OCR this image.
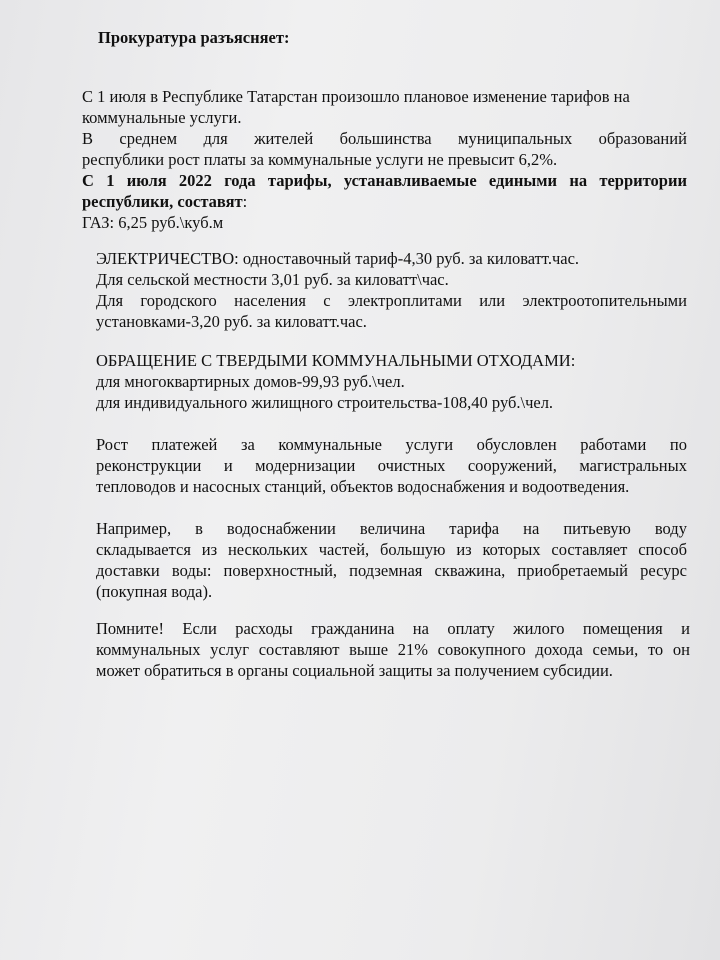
Прокуратура разъясняет:
С 1 июля в Республике Татарстан произошло плановое изменение тарифов на
коммунальные услуги.
В среднем для жителей большинства муниципальных образований
республики рост платы за коммунальные услуги не превысит 6,2%.
С 1 июля 2022 года тарифы, устанавливаемые едиными на территории
республики, составят:
ГАЗ: 6,25 руб.\куб.м
ЭЛЕКТРИЧЕСТВО: одноставочный тариф-4,30 руб. за киловатт.час.
Для сельской местности 3,01 руб. за киловатт\час.
Для городского населения с электроплитами или электроотопительными
установками-3,20 руб. за киловатт.час.
ОБРАЩЕНИЕ С ТВЕРДЫМИ КОММУНАЛЬНЫМИ ОТХОДАМИ:
для многоквартирных домов-99,93 руб.\чел.
для индивидуального жилищного строительства-108,40 руб.\чел.
Рост платежей за коммунальные услуги обусловлен работами по
реконструкции и модернизации очистных сооружений, магистральных
тепловодов и насосных станций, объектов водоснабжения и водоотведения.
Например, в водоснабжении величина тарифа на питьевую воду
складывается из нескольких частей, большую из которых составляет способ
доставки воды: поверхностный, подземная скважина, приобретаемый ресурс
(покупная вода).
Помните! Если расходы гражданина на оплату жилого помещения и
коммунальных услуг составляют выше 21% совокупного дохода семьи, то он
может обратиться в органы социальной защиты за получением субсидии.
